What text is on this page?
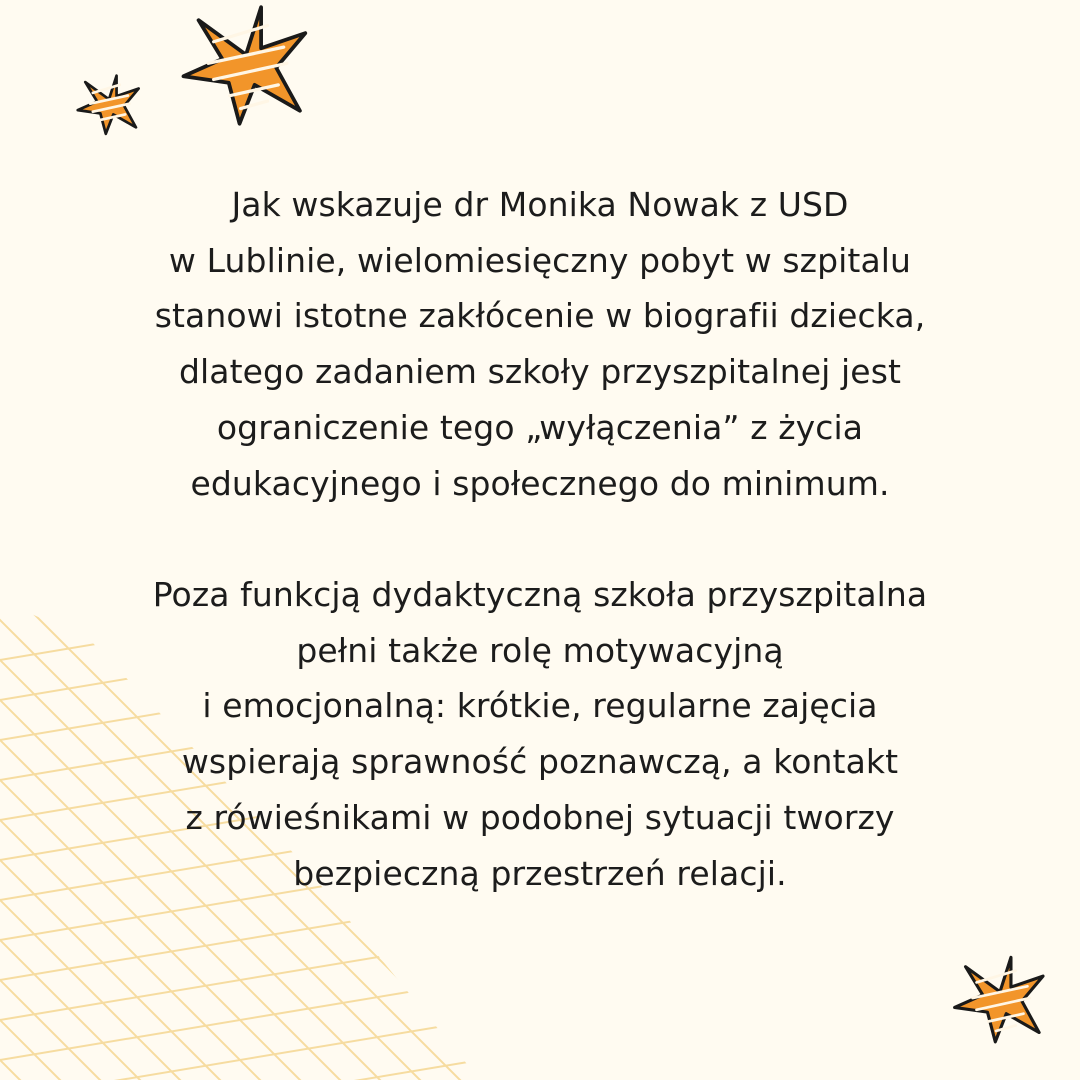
Jak wskazuje dr Monika Nowak z USD
w Lublinie, wielomiesięczny pobyt w szpitalu
stanowi istotne zakłócenie w biografii dziecka,
dlatego zadaniem szkoły przyszpitalnej jest
ograniczenie tego „wyłączenia” z życia
edukacyjnego i społecznego do minimum.
Poza funkcją dydaktyczną szkoła przyszpitalna
pełni także rolę motywacyjną
i emocjonalną: krótkie, regularne zajęcia
wspierają sprawność poznawczą, a kontakt
z rówieśnikami w podobnej sytuacji tworzy
bezpieczną przestrzeń relacji.
